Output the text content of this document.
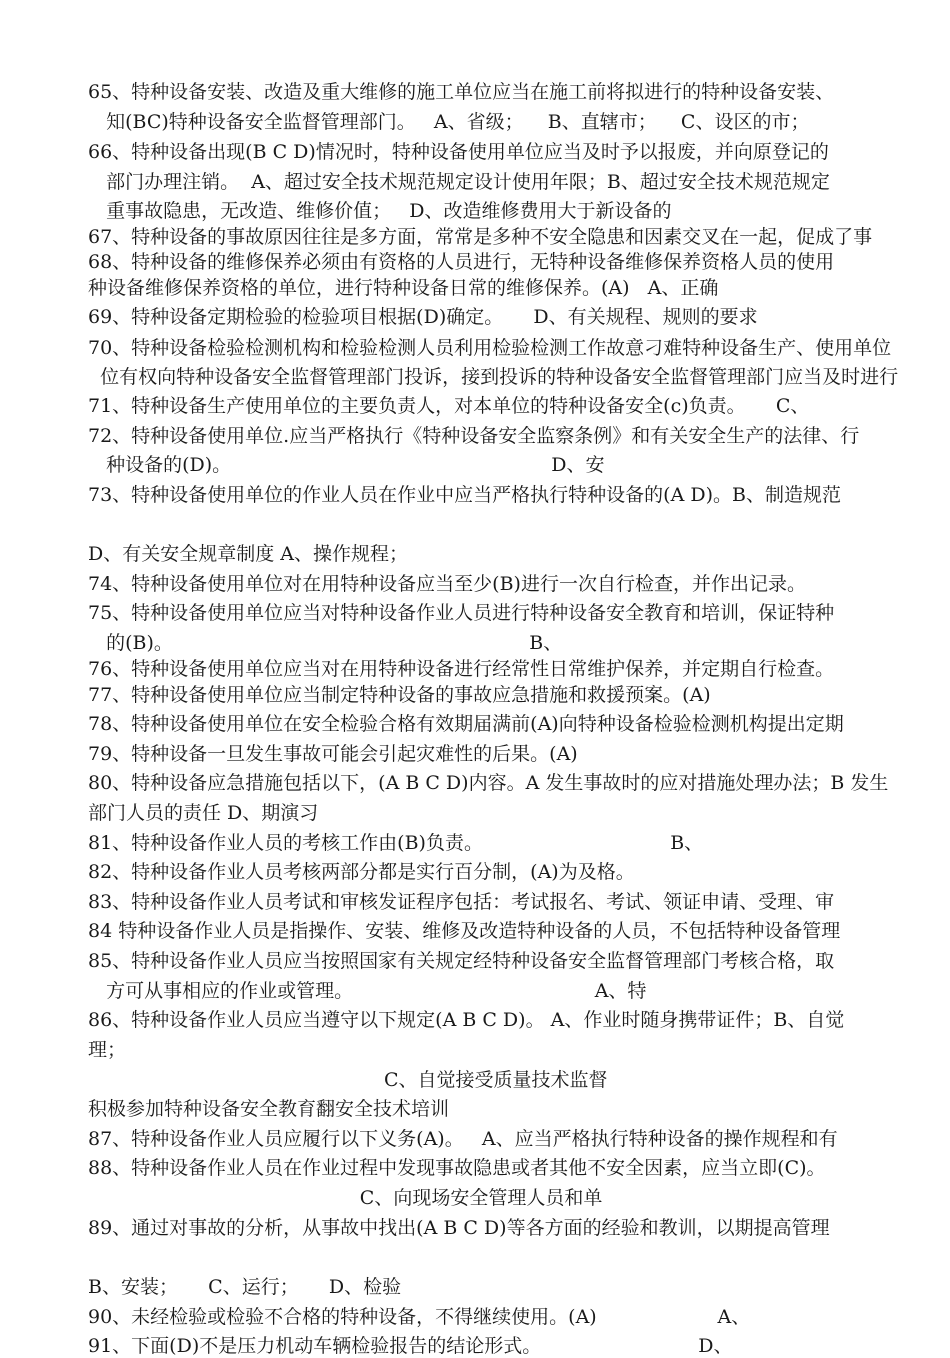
65、特种设备安装、改造及重大维修的施工单位应当在施工前将拟进行的特种设备安装、
知(BC)特种设备安全监督管理部门。   A、省级；    B、直辖市；    C、设区的市；
66、特种设备出现(B C D)情况时，特种设备使用单位应当及时予以报废，并向原登记的
部门办理注销。  A、超过安全技术规范规定设计使用年限；B、超过安全技术规范规定
重事故隐患，无改造、维修价值；   D、改造维修费用大于新设备的
67、特种设备的事故原因往往是多方面，常常是多种不安全隐患和因素交叉在一起，促成了事
68、特种设备的维修保养必须由有资格的人员进行，无特种设备维修保养资格人员的使用
种设备维修保养资格的单位，进行特种设备日常的维修保养。(A)   A、正确
69、特种设备定期检验的检验项目根据(D)确定。     D、有关规程、规则的要求
70、特种设备检验检测机构和检验检测人员利用检验检测工作故意刁难特种设备生产、使用单位
位有权向特种设备安全监督管理部门投诉，接到投诉的特种设备安全监督管理部门应当及时进行
71、特种设备生产使用单位的主要负责人，对本单位的特种设备安全(c)负责。     C、
72、特种设备使用单位.应当严格执行《特种设备安全监察条例》和有关安全生产的法律、行
种设备的(D)。                                                     D、安
73、特种设备使用单位的作业人员在作业中应当严格执行特种设备的(A D)。B、制造规范
D、有关安全规章制度 A、操作规程；
74、特种设备使用单位对在用特种设备应当至少(B)进行一次自行检查，并作出记录。
75、特种设备使用单位应当对特种设备作业人员进行特种设备安全教育和培训，保证特种
的(B)。                                                           B、
76、特种设备使用单位应当对在用特种设备进行经常性日常维护保养，并定期自行检查。
77、特种设备使用单位应当制定特种设备的事故应急措施和救援预案。(A)
78、特种设备使用单位在安全检验合格有效期届满前(A)向特种设备检验检测机构提出定期
79、特种设备一旦发生事故可能会引起灾难性的后果。(A)
80、特种设备应急措施包括以下，(A B C D)内容。A 发生事故时的应对措施处理办法；B 发生
部门人员的责任 D、期演习
81、特种设备作业人员的考核工作由(B)负责。                               B、
82、特种设备作业人员考核两部分都是实行百分制，(A)为及格。
83、特种设备作业人员考试和审核发证程序包括：考试报名、考试、领证申请、受理、审
84 特种设备作业人员是指操作、安装、维修及改造特种设备的人员，不包括特种设备管理
85、特种设备作业人员应当按照国家有关规定经特种设备安全监督管理部门考核合格，取
方可从事相应的作业或管理。                                        A、特
86、特种设备作业人员应当遵守以下规定(A B C D)。 A、作业时随身携带证件；B、自觉
理；
C、自觉接受质量技术监督
积极参加特种设备安全教育翻安全技术培训
87、特种设备作业人员应履行以下义务(A)。   A、应当严格执行特种设备的操作规程和有
88、特种设备作业人员在作业过程中发现事故隐患或者其他不安全因素，应当立即(C)。
C、向现场安全管理人员和单
89、通过对事故的分析，从事故中找出(A B C D)等各方面的经验和教训，以期提高管理
B、安装；     C、运行；     D、检验
90、未经检验或检验不合格的特种设备，不得继续使用。(A)                    A、
91、下面(D)不是压力机动车辆检验报告的结论形式。                          D、
